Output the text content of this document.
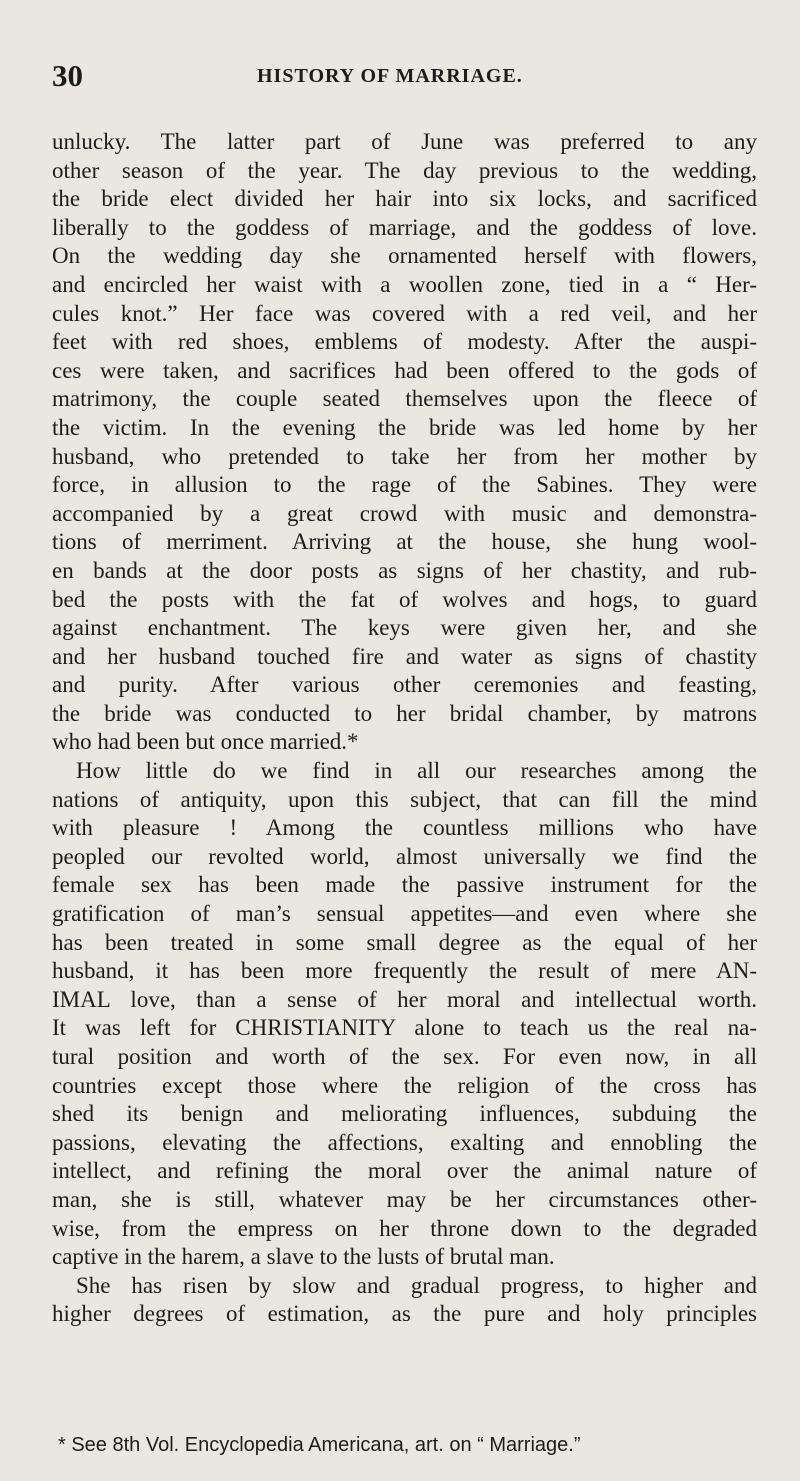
30	HISTORY OF MARRIAGE.
unlucky. The latter part of June was preferred to any
other season of the year. The day previous to the wedding,
the bride elect divided her hair into six locks, and sacrificed
liberally to the goddess of marriage, and the goddess of love.
On the wedding day she ornamented herself with flowers,
and encircled her waist with a woollen zone, tied in a “ Her-
cules knot.” Her face was covered with a red veil, and her
feet with red shoes, emblems of modesty. After the auspi-
ces were taken, and sacrifices had been offered to the gods of
matrimony, the couple seated themselves upon the fleece of
the victim. In the evening the bride was led home by her
husband, who pretended to take her from her mother by
force, in allusion to the rage of the Sabines. They were
accompanied by a great crowd with music and demonstra-
tions of merriment. Arriving at the house, she hung wool-
en bands at the door posts as signs of her chastity, and rub-
bed the posts with the fat of wolves and hogs, to guard
against enchantment. The keys were given her, and she
and her husband touched fire and water as signs of chastity
and purity. After various other ceremonies and feasting,
the bride was conducted to her bridal chamber, by matrons
who had been but once married.*
How little do we find in all our researches among the
nations of antiquity, upon this subject, that can fill the mind
with pleasure ! Among the countless millions who have
peopled our revolted world, almost universally we find the
female sex has been made the passive instrument for the
gratification of man’s sensual appetites—and even where she
has been treated in some small degree as the equal of her
husband, it has been more frequently the result of mere AN-
IMAL love, than a sense of her moral and intellectual worth.
It was left for CHRISTIANITY alone to teach us the real na-
tural position and worth of the sex. For even now, in all
countries except those where the religion of the cross has
shed its benign and meliorating influences, subduing the
passions, elevating the affections, exalting and ennobling the
intellect, and refining the moral over the animal nature of
man, she is still, whatever may be her circumstances other-
wise, from the empress on her throne down to the degraded
captive in the harem, a slave to the lusts of brutal man.
She has risen by slow and gradual progress, to higher and
higher degrees of estimation, as the pure and holy principles
* See 8th Vol. Encyclopedia Americana, art. on “ Marriage.”
